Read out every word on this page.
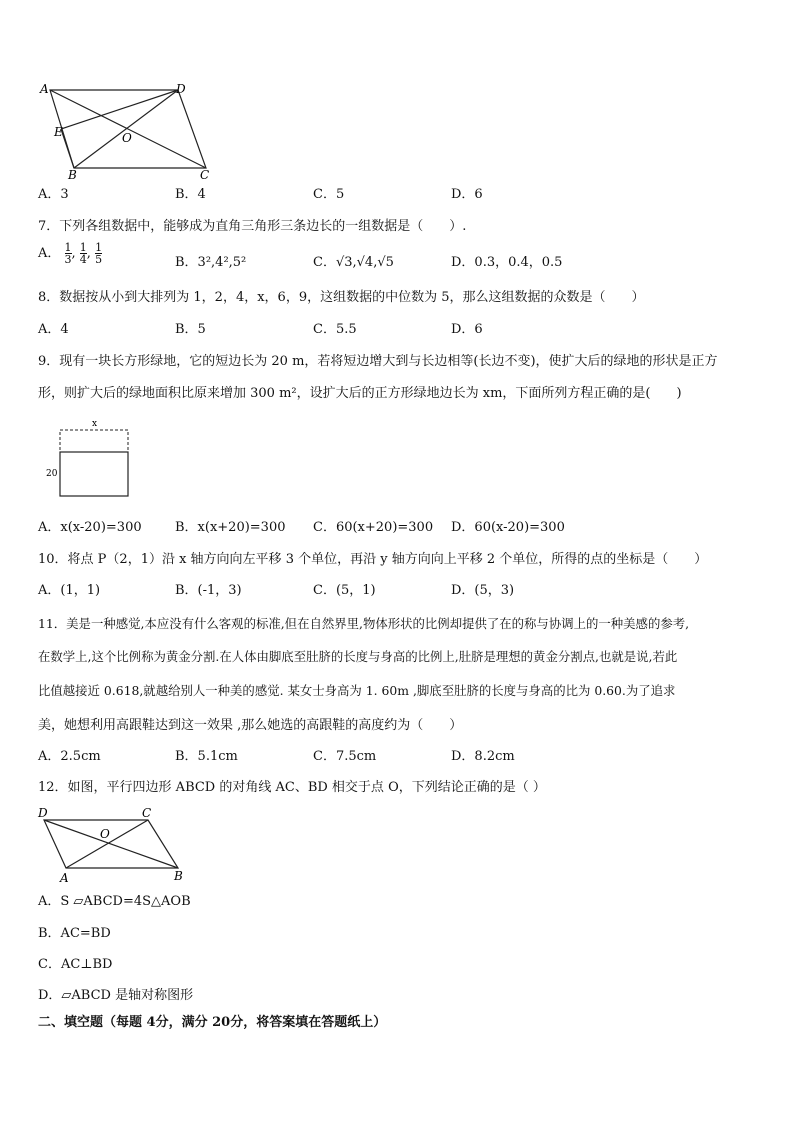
A	D
E	O
B	C
A．3	B．4	C．5	D．6
7．下列各组数据中，能够成为直角三角形三条边长的一组数据是（　　）.
A． $\frac{1}{3}$ , $\frac{1}{4}$ , $\frac{1}{5}$	B．3²,4²,5²	C．√3,√4,√5	D．0.3，0.4，0.5
8．数据按从小到大排列为 1，2，4，x，6，9，这组数据的中位数为 5，那么这组数据的众数是（　　）
A．4	B．5	C．5.5	D．6
9．现有一块长方形绿地，它的短边长为 20 m，若将短边增大到与长边相等(长边不变)，使扩大后的绿地的形状是正方
形，则扩大后的绿地面积比原来增加 300 m²，设扩大后的正方形绿地边长为 xm，下面所列方程正确的是(　　)
x
20
A．x(x-20)=300	B．x(x+20)=300 C．60(x+20)=300 D．60(x-20)=300
10．将点 P（2，1）沿 x 轴方向向左平移 3 个单位，再沿 y 轴方向向上平移 2 个单位，所得的点的坐标是（　　）
A．(1，1)	B．(-1，3)	C．(5，1)	D．(5，3)
11．美是一种感觉,本应没有什么客观的标准,但在自然界里,物体形状的比例却提供了在的称与协调上的一种美感的参考,
在数学上,这个比例称为黄金分割.在人体由脚底至肚脐的长度与身高的比例上,肚脐是理想的黄金分割点,也就是说,若此
比值越接近 0.618,就越给别人一种美的感觉. 某女士身高为 1. 60m ,脚底至肚脐的长度与身高的比为 0.60.为了追求
美，她想利用高跟鞋达到这一效果 ,那么她选的高跟鞋的高度约为（　　）
A．2.5cm	B．5.1cm	C．7.5cm	D．8.2cm
12．如图，平行四边形 ABCD 的对角线 AC、BD 相交于点 O，下列结论正确的是（ ）
D	C
O
A	B
A．S ▱ABCD=4S△AOB
B．AC=BD
C．AC⊥BD
D．▱ABCD 是轴对称图形
二、填空题（每题 4分，满分 20分，将答案填在答题纸上）
